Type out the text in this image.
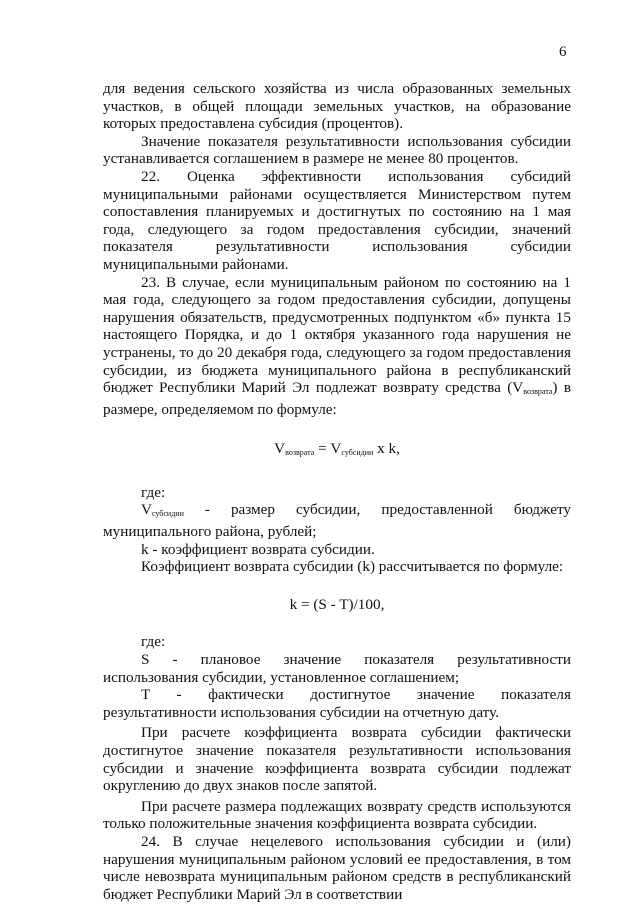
6

для ведения сельского хозяйства из числа образованных земельных участков, в общей площади земельных участков, на образование которых предоставлена субсидия (процентов).

Значение показателя результативности использования субсидии устанавливается соглашением в размере не менее 80 процентов.

22. Оценка эффективности использования субсидий муниципальными районами осуществляется Министерством путем сопоставления планируемых и достигнутых по состоянию на 1 мая года, следующего за годом предоставления субсидии, значений показателя результативности использования субсидии муниципальными районами.

23. В случае, если муниципальным районом по состоянию на 1 мая года, следующего за годом предоставления субсидии, допущены нарушения обязательств, предусмотренных подпунктом «б» пункта 15 настоящего Порядка, и до 1 октября указанного года нарушения не устранены, то до 20 декабря года, следующего за годом предоставления субсидии, из бюджета муниципального района в республиканский бюджет Республики Марий Эл подлежат возврату средства $(V_{возврата})$ в размере, определяемом по формуле:

$V_{возврата} = V_{субсидии}$ x k,

где:

$V_{субсидии}$ - размер субсидии, предоставленной бюджету муниципального района, рублей;

k - коэффициент возврата субсидии.

Коэффициент возврата субсидии (k) рассчитывается по формуле:

k = (S - T)/100,

где:

S - плановое значение показателя результативности использования субсидии, установленное соглашением;

T - фактически достигнутое значение показателя результативности использования субсидии на отчетную дату.

При расчете коэффициента возврата субсидии фактически достигнутое значение показателя результативности использования субсидии и значение коэффициента возврата субсидии подлежат округлению до двух знаков после запятой.

При расчете размера подлежащих возврату средств используются только положительные значения коэффициента возврата субсидии.

24. В случае нецелевого использования субсидии и (или) нарушения муниципальным районом условий ее предоставления, в том числе невозврата муниципальным районом средств в республиканский бюджет Республики Марий Эл в соответствии
